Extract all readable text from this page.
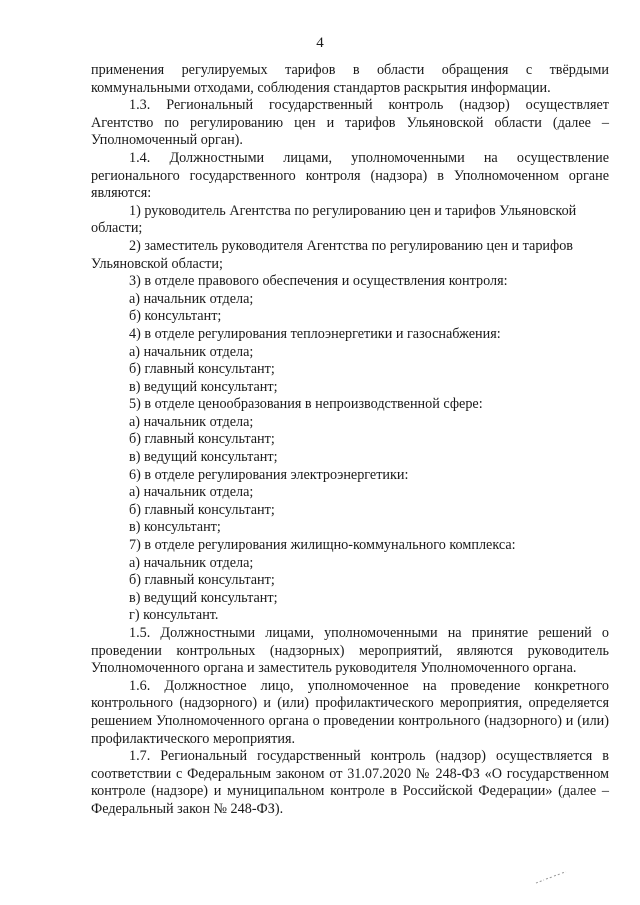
4

применения регулируемых тарифов в области обращения с твёрдыми коммунальными отходами, соблюдения стандартов раскрытия информации.

1.3. Региональный государственный контроль (надзор) осуществляет Агентство по регулированию цен и тарифов Ульяновской области (далее – Уполномоченный орган).

1.4. Должностными лицами, уполномоченными на осуществление регионального государственного контроля (надзора) в Уполномоченном органе являются:

1) руководитель Агентства по регулированию цен и тарифов Ульяновской области;

2) заместитель руководителя Агентства по регулированию цен и тарифов Ульяновской области;

3) в отделе правового обеспечения и осуществления контроля:

а) начальник отдела;

б) консультант;

4) в отделе регулирования теплоэнергетики и газоснабжения:

а) начальник отдела;

б) главный консультант;

в) ведущий консультант;

5) в отделе ценообразования в непроизводственной сфере:

а) начальник отдела;

б) главный консультант;

в) ведущий консультант;

6) в отделе регулирования электроэнергетики:

а) начальник отдела;

б) главный консультант;

в) консультант;

7) в отделе регулирования жилищно-коммунального комплекса:

а) начальник отдела;

б) главный консультант;

в) ведущий консультант;

г) консультант.

1.5. Должностными лицами, уполномоченными на принятие решений о проведении контрольных (надзорных) мероприятий, являются руководитель Уполномоченного органа и заместитель руководителя Уполномоченного органа.

1.6. Должностное лицо, уполномоченное на проведение конкретного контрольного (надзорного) и (или) профилактического мероприятия, определяется решением Уполномоченного органа о проведении контрольного (надзорного) и (или) профилактического мероприятия.

1.7. Региональный государственный контроль (надзор) осуществляется в соответствии с Федеральным законом от 31.07.2020 № 248-ФЗ «О государственном контроле (надзоре) и муниципальном контроле в Российской Федерации» (далее – Федеральный закон № 248-ФЗ).
